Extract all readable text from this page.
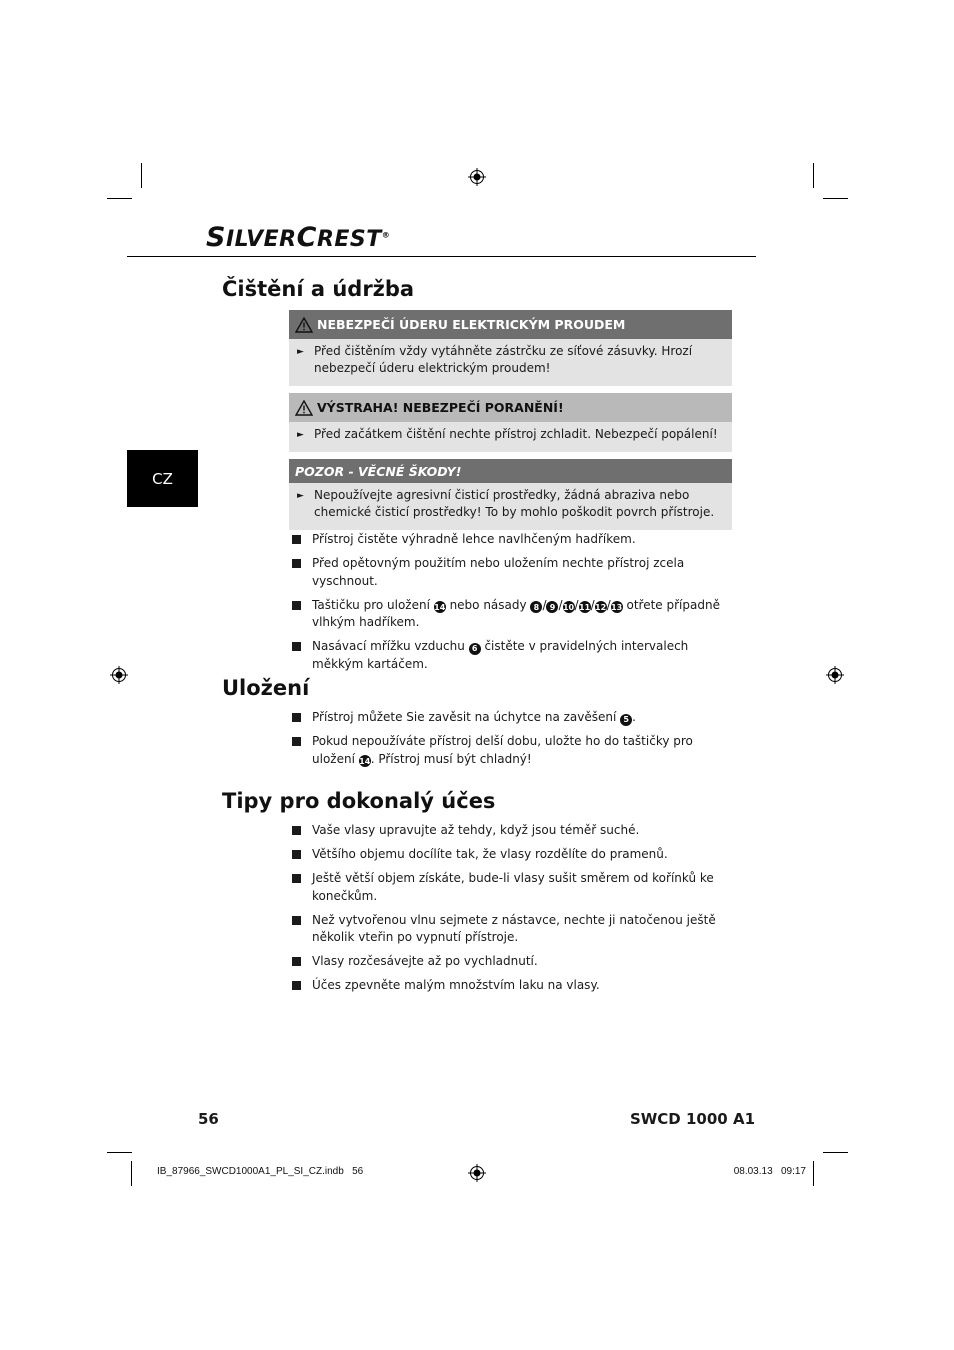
SILVERCREST®
CZ
Čištění a údržba
NEBEZPEČÍ ÚDERU ELEKTRICKÝM PROUDEM
► Před čištěním vždy vytáhněte zástrčku ze síťové zásuvky. Hrozí nebezpečí úderu elektrickým proudem!
VÝSTRAHA! NEBEZPEČÍ PORANĚNÍ!
► Před začátkem čištění nechte přístroj zchladit. Nebezpečí popálení!
POZOR - VĚCNÉ ŠKODY!
► Nepoužívejte agresivní čisticí prostředky, žádná abraziva nebo chemické čisticí prostředky! To by mohlo poškodit povrch přístroje.
Přístroj čistěte výhradně lehce navlhčeným hadříkem.
Před opětovným použitím nebo uložením nechte přístroj zcela vyschnout.
Taštičku pro uložení 14 nebo násady 8 / 9 /10/11/12/13 otřete případně vlhkým hadříkem.
Nasávací mřížku vzduchu 6 čistěte v pravidelných intervalech měkkým kartáčem.
Uložení
Přístroj můžete Sie zavěsit na úchytce na zavěšení 5 .
Pokud nepoužíváte přístroj delší dobu, uložte ho do taštičky pro uložení 14. Přístroj musí být chladný!
Tipy pro dokonalý účes
Vaše vlasy upravujte až tehdy, když jsou téměř suché.
Většího objemu docílíte tak, že vlasy rozdělíte do pramenů.
Ještě větší objem získáte, bude-li vlasy sušit směrem od kořínků ke konečkům.
Než vytvořenou vlnu sejmete z nástavce, nechte ji natočenou ještě několik vteřin po vypnutí přístroje.
Vlasy rozčesávejte až po vychladnutí.
Účes zpevněte malým množstvím laku na vlasy.
56	SWCD 1000 A1
IB_87966_SWCD1000A1_PL_SI_CZ.indb   56	08.03.13   09:17
